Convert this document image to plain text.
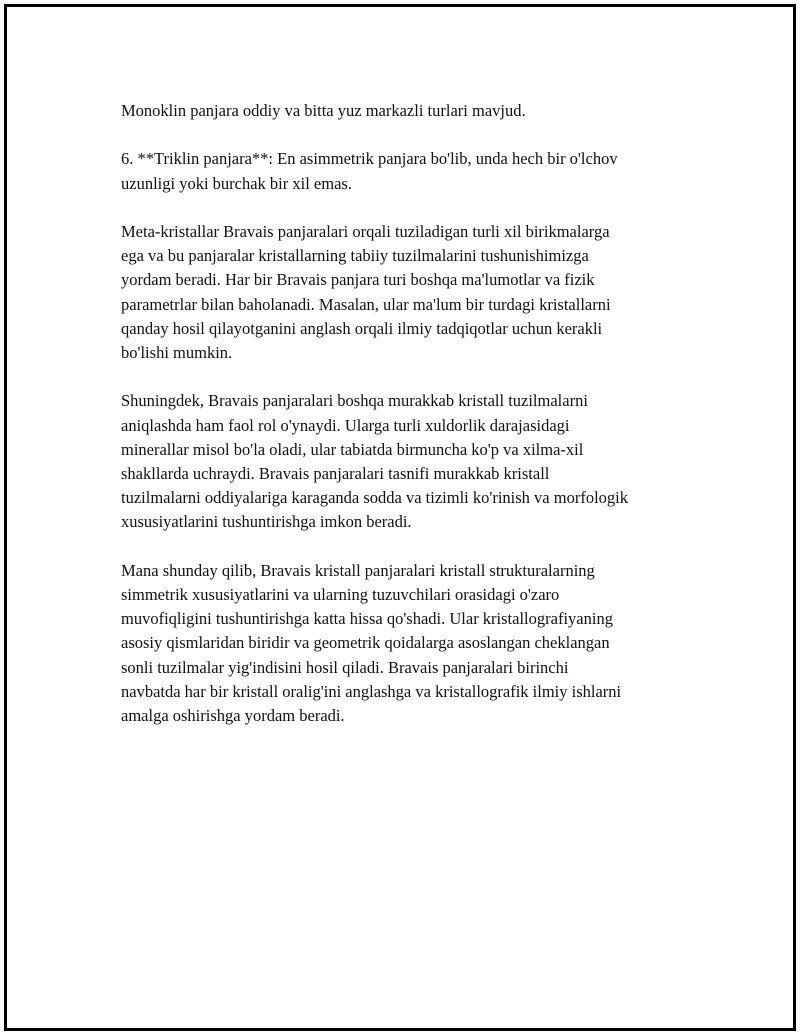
Monoklin panjara oddiy va bitta yuz markazli turlari mavjud.

6. **Triklin panjara**: En asimmetrik panjara bo'lib, unda hech bir o'lchov
uzunligi yoki burchak bir xil emas.

Meta-kristallar Bravais panjaralari orqali tuziladigan turli xil birikmalarga
ega va bu panjaralar kristallarning tabiiy tuzilmalarini tushunishimizga
yordam beradi. Har bir Bravais panjara turi boshqa ma'lumotlar va fizik
parametrlar bilan baholanadi. Masalan, ular ma'lum bir turdagi kristallarni
qanday hosil qilayotganini anglash orqali ilmiy tadqiqotlar uchun kerakli
bo'lishi mumkin.

Shuningdek, Bravais panjaralari boshqa murakkab kristall tuzilmalarni
aniqlashda ham faol rol o'ynaydi. Ularga turli xuldorlik darajasidagi
minerallar misol bo'la oladi, ular tabiatda birmuncha ko'p va xilma-xil
shakllarda uchraydi. Bravais panjaralari tasnifi murakkab kristall
tuzilmalarni oddiyalariga karaganda sodda va tizimli ko'rinish va morfologik
xususiyatlarini tushuntirishga imkon beradi.

Mana shunday qilib, Bravais kristall panjaralari kristall strukturalarning
simmetrik xususiyatlarini va ularning tuzuvchilari orasidagi o'zaro
muvofiqligini tushuntirishga katta hissa qo'shadi. Ular kristallografiyaning
asosiy qismlaridan biridir va geometrik qoidalarga asoslangan cheklangan
sonli tuzilmalar yig'indisini hosil qiladi. Bravais panjaralari birinchi
navbatda har bir kristall oralig'ini anglashga va kristallografik ilmiy ishlarni
amalga oshirishga yordam beradi.
